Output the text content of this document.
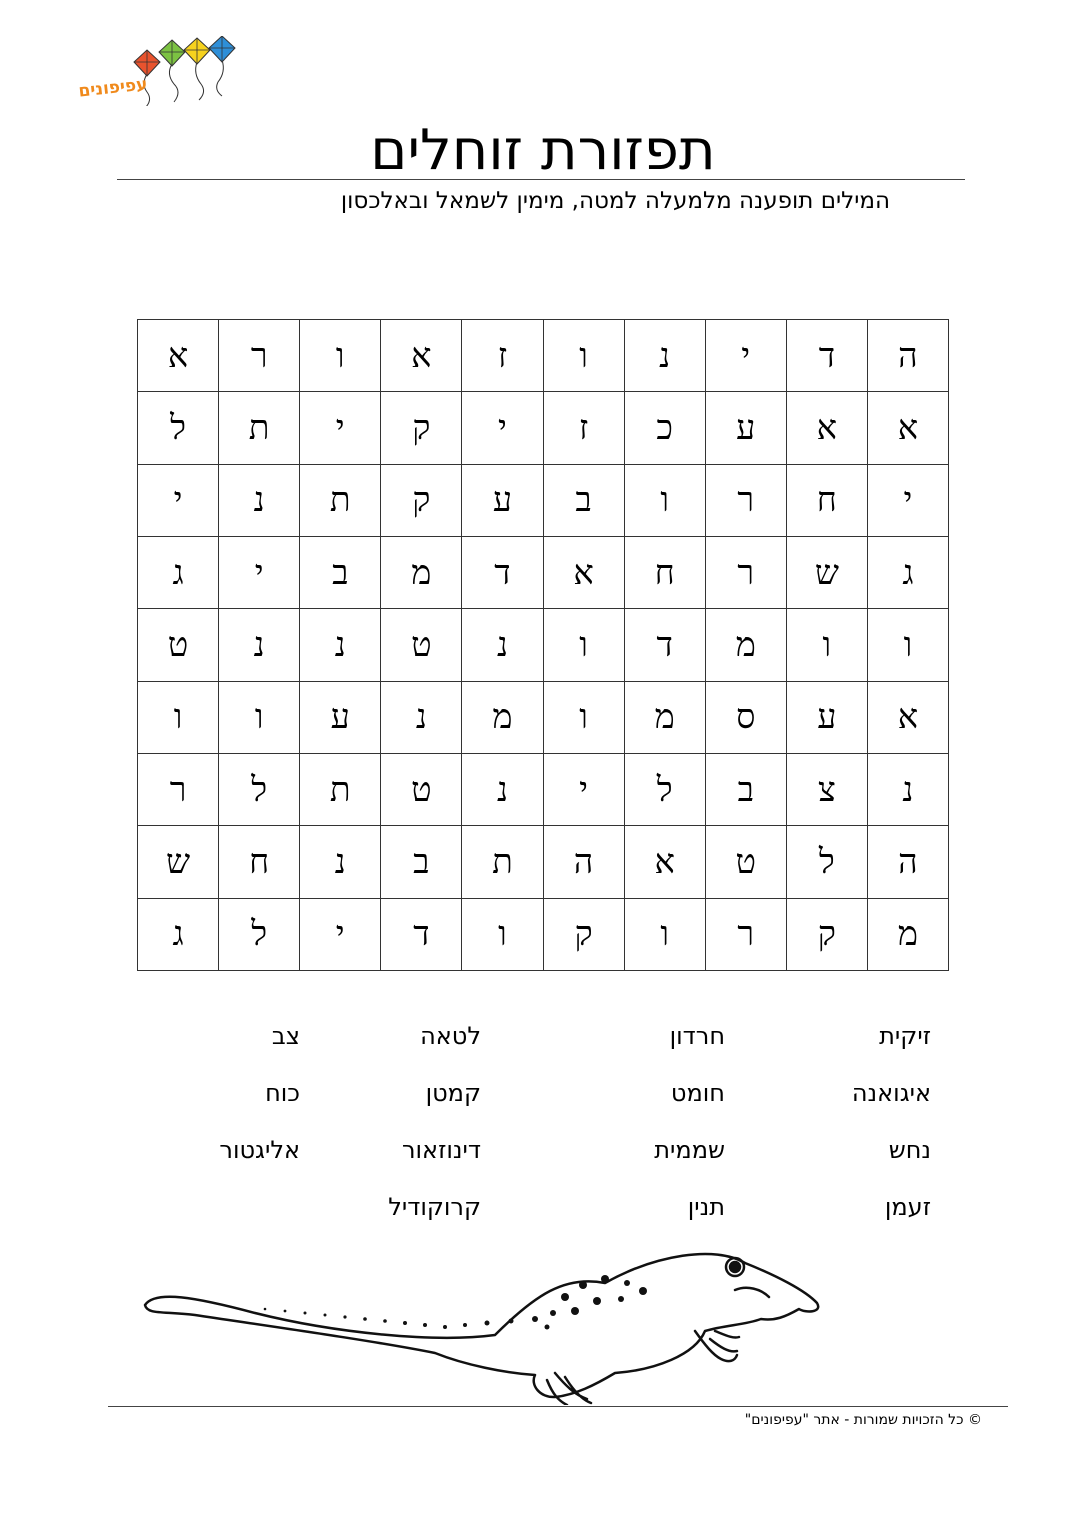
עפיפונים
תפזורת זוחלים
המילים תופענה מלמעלה למטה, מימין לשמאל ובאלכסון
ה
ד
י
נ
ו
ז
א
ו
ר
א
א
א
ע
כ
ז
י
ק
י
ת
ל
י
ח
ר
ו
ב
ע
ק
ת
נ
י
ג
ש
ר
ח
א
ד
מ
ב
י
ג
ו
ו
מ
ד
ו
נ
ט
נ
נ
ט
א
ע
ס
מ
ו
מ
נ
ע
ו
ו
נ
צ
ב
ל
י
נ
ט
ת
ל
ר
ה
ל
ט
א
ה
ת
ב
נ
ח
ש
מ
ק
ר
ו
ק
ו
ד
י
ל
ג
זיקית
איגואנה
נחש
זעמן
חרדון
חומט
שממית
תנין
לטאה
קמטן
דינוזאור
קרוקודיל
צב
כוח
אליגטור
© כל הזכויות שמורות - אתר "עפיפונים"
